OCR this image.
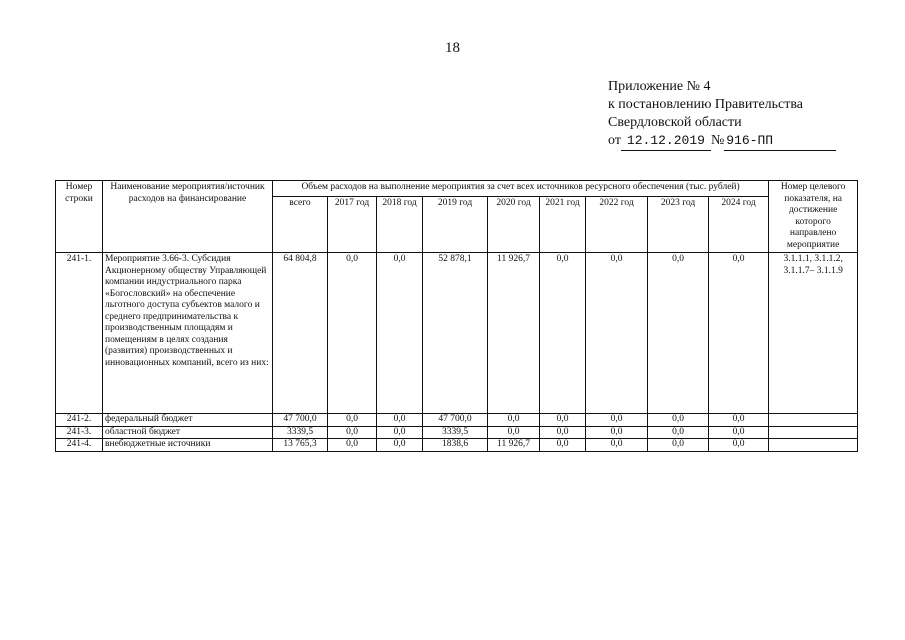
18
Приложение № 4
к постановлению Правительства
Свердловской области
от 12.12.2019 № 916-ПП
Номер строки	Наименование мероприятия/источник расходов на финансирование	Объем расходов на выполнение мероприятия за счет всех источников ресурсного обеспечения (тыс. рублей)									Номер целевого показателя, на достижение которого направлено мероприятие
		всего	2017 год	2018 год	2019 год	2020 год	2021 год	2022 год	2023 год	2024 год	
241-1.	Мероприятие 3.66-3. Субсидия Акционерному обществу Управляющей компании индустриального парка «Богословский» на обеспечение льготного доступа субъектов малого и среднего предпринимательства к производственным площадям и помещениям в целях создания (развития) производственных и инновационных компаний, всего из них:	64 804,8	0,0	0,0	52 878,1	11 926,7	0,0	0,0	0,0	0,0	3.1.1.1, 3.1.1.2, 3.1.1.7– 3.1.1.9
241-2.	федеральный бюджет	47 700,0	0,0	0,0	47 700,0	0,0	0,0	0,0	0,0	0,0	
241-3.	областной бюджет	3339,5	0,0	0,0	3339,5	0,0	0,0	0,0	0,0	0,0	
241-4.	внебюджетные источники	13 765,3	0,0	0,0	1838,6	11 926,7	0,0	0,0	0,0	0,0	
